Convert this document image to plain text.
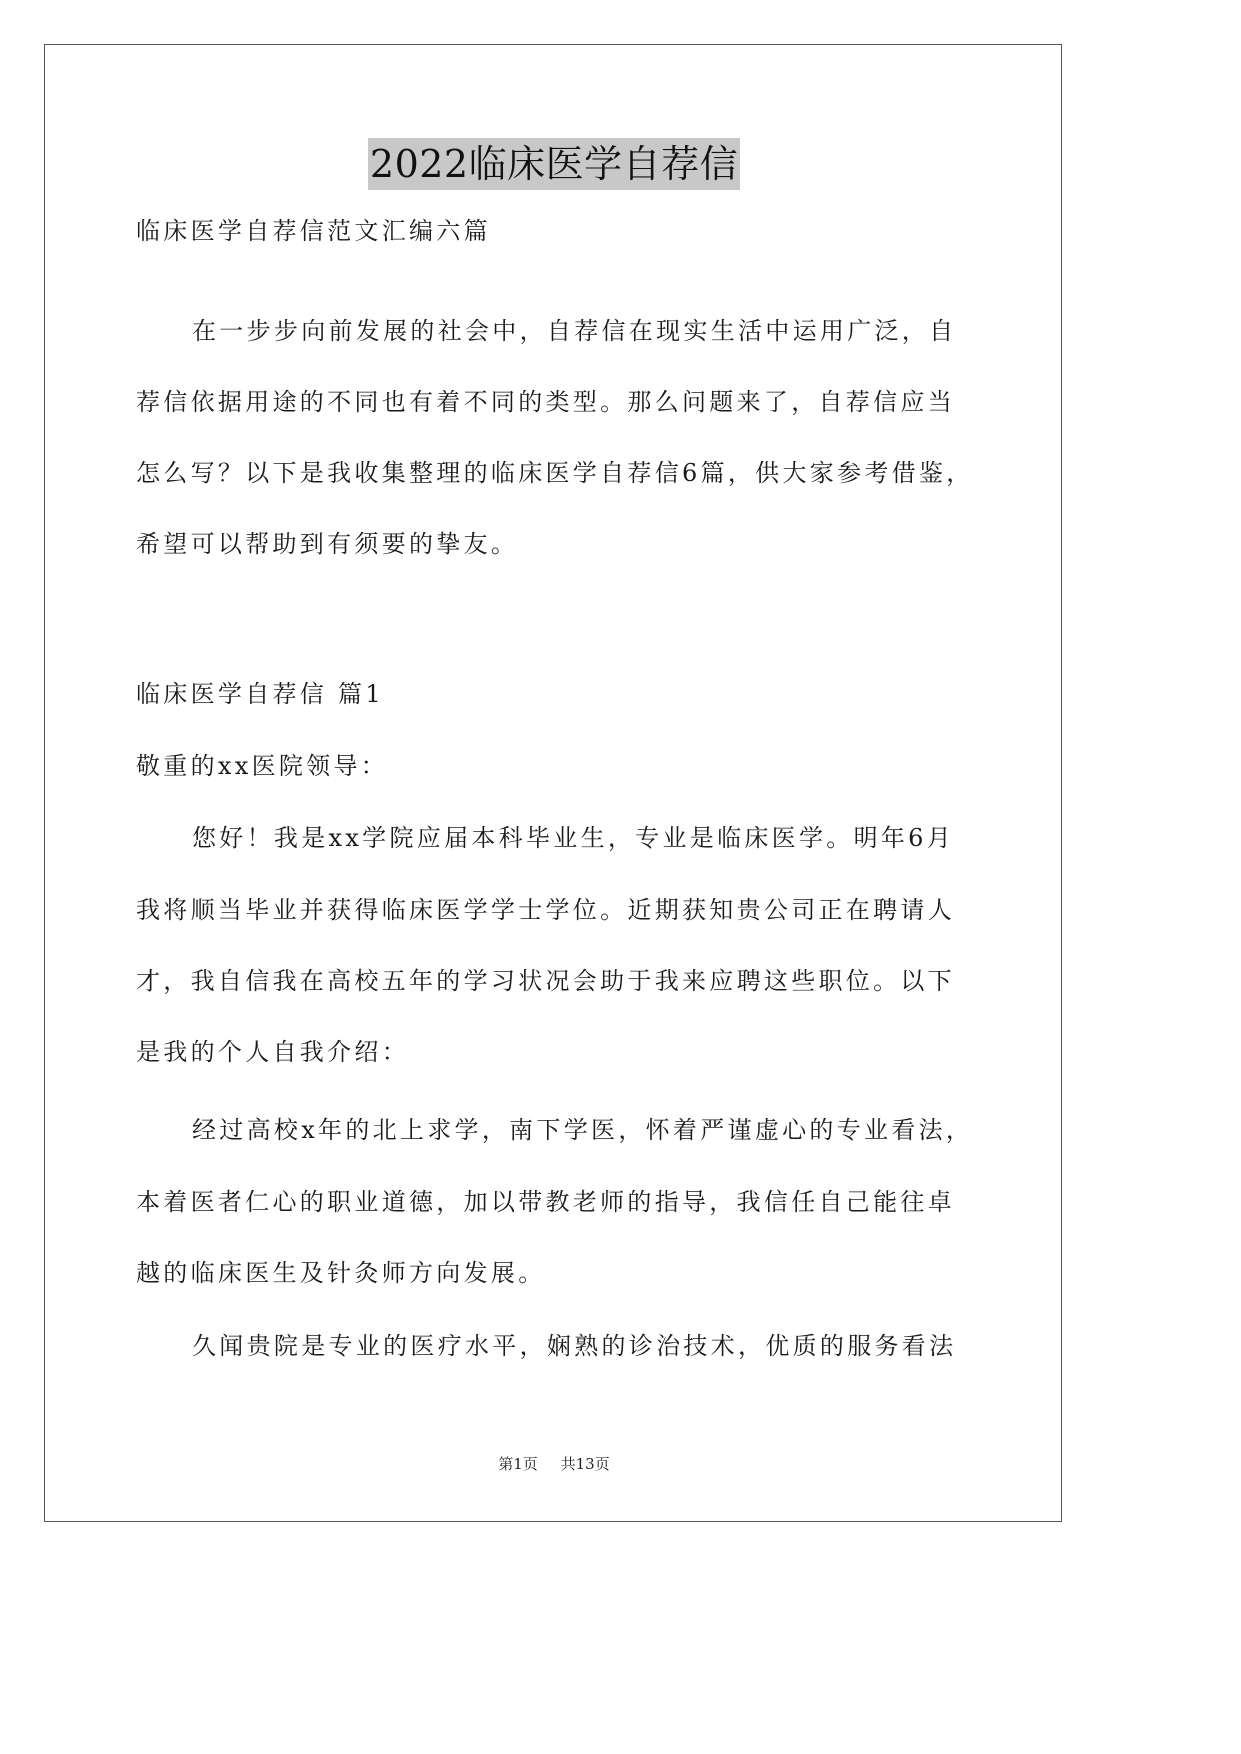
2022临床医学自荐信
临床医学自荐信范文汇编六篇
在一步步向前发展的社会中，自荐信在现实生活中运用广泛，自
荐信依据用途的不同也有着不同的类型。那么问题来了，自荐信应当
怎么写？以下是我收集整理的临床医学自荐信6篇，供大家参考借鉴，
希望可以帮助到有须要的挚友。
临床医学自荐信 篇1
敬重的xx医院领导：
您好！我是xx学院应届本科毕业生，专业是临床医学。明年6月
我将顺当毕业并获得临床医学学士学位。近期获知贵公司正在聘请人
才，我自信我在高校五年的学习状况会助于我来应聘这些职位。以下
是我的个人自我介绍：
经过高校x年的北上求学，南下学医，怀着严谨虚心的专业看法，
本着医者仁心的职业道德，加以带教老师的指导，我信任自己能往卓
越的临床医生及针灸师方向发展。
久闻贵院是专业的医疗水平，娴熟的诊治技术，优质的服务看法
第1页 共13页
